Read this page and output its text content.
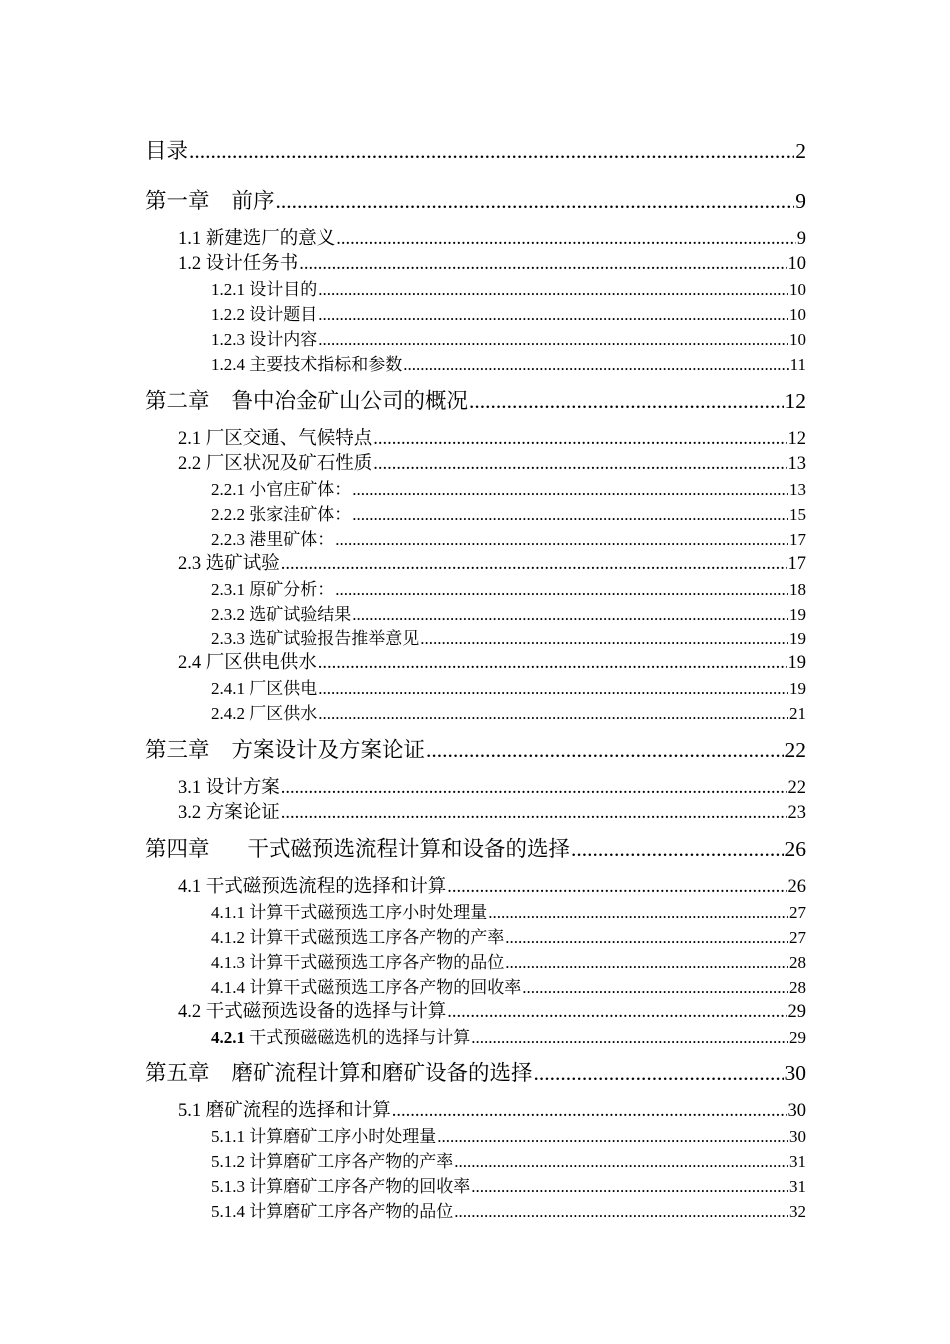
目录 .....	2
第一章 前序 .....	9
1.1 新建选厂的意义 .....	9
1.2 设计任务书 .....	10
1.2.1 设计目的 .....	10
1.2.2 设计题目 .....	10
1.2.3 设计内容 .....	10
1.2.4 主要技术指标和参数 .....	11
第二章 鲁中冶金矿山公司的概况 .....	12
2.1 厂区交通、气候特点 .....	12
2.2 厂区状况及矿石性质 .....	13
2.2.1 小官庄矿体： .....	13
2.2.2 张家洼矿体： .....	15
2.2.3 港里矿体： .....	17
2.3 选矿试验 .....	17
2.3.1 原矿分析： .....	18
2.3.2 选矿试验结果 .....	19
2.3.3 选矿试验报告推举意见 .....	19
2.4 厂区供电供水 .....	19
2.4.1 厂区供电 .....	19
2.4.2 厂区供水 .....	21
第三章 方案设计及方案论证 .....	22
3.1 设计方案 .....	22
3.2 方案论证 .....	23
第四章 干式磁预选流程计算和设备的选择 .....	26
4.1 干式磁预选流程的选择和计算 .....	26
4.1.1 计算干式磁预选工序小时处理量 .....	27
4.1.2 计算干式磁预选工序各产物的产率 .....	27
4.1.3 计算干式磁预选工序各产物的品位 .....	28
4.1.4 计算干式磁预选工序各产物的回收率 .....	28
4.2 干式磁预选设备的选择与计算 .....	29
4.2.1 干式预磁磁选机的选择与计算 .....	29
第五章 磨矿流程计算和磨矿设备的选择 .....	30
5.1 磨矿流程的选择和计算 .....	30
5.1.1 计算磨矿工序小时处理量 .....	30
5.1.2 计算磨矿工序各产物的产率 .....	31
5.1.3 计算磨矿工序各产物的回收率 .....	31
5.1.4 计算磨矿工序各产物的品位 .....	32
